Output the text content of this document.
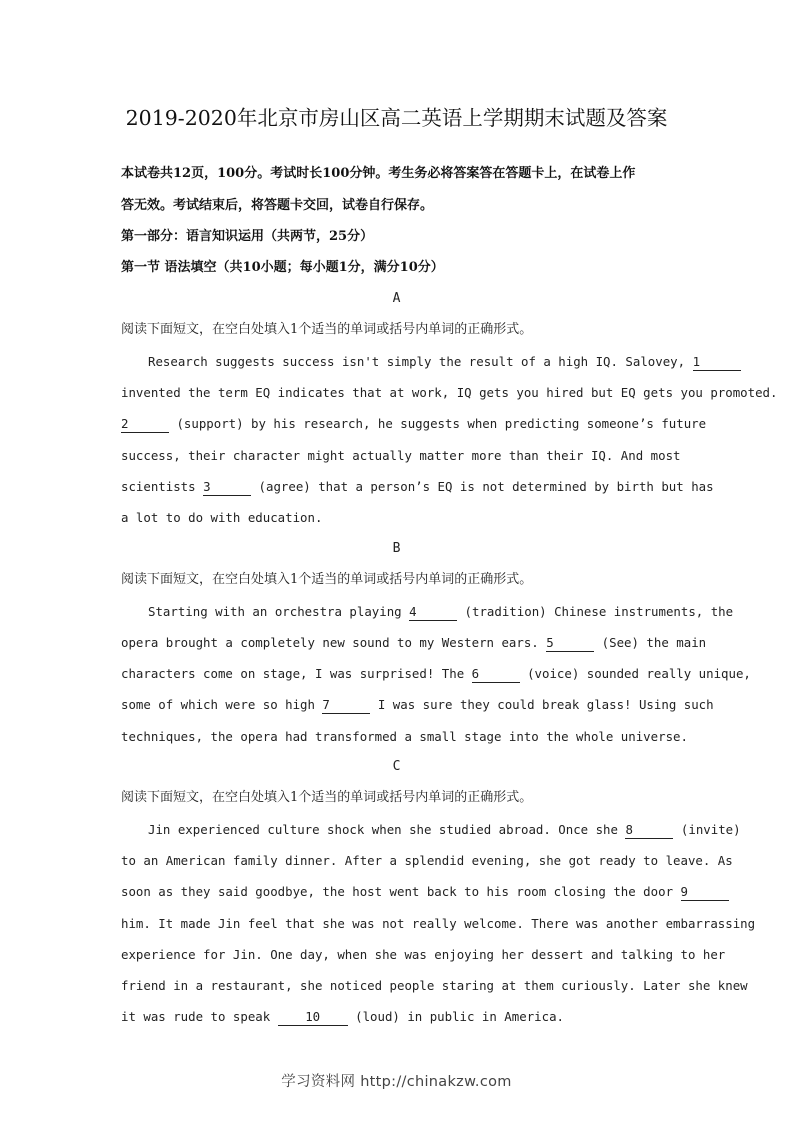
2019-2020年北京市房山区高二英语上学期期末试题及答案
本试卷共12页，100分。考试时长100分钟。考生务必将答案答在答题卡上，在试卷上作
答无效。考试结束后，将答题卡交回，试卷自行保存。
第一部分：语言知识运用（共两节，25分）
第一节 语法填空（共10小题；每小题1分，满分10分）
A
阅读下面短文，在空白处填入1个适当的单词或括号内单词的正确形式。
Research suggests success isn't simply the result of a high IQ. Salovey, 1
invented the term EQ indicates that at work, IQ gets you hired but EQ gets you promoted.
2	(support) by his research, he suggests when predicting someone’s future
success, their character might actually matter more than their IQ. And most
scientists 3	(agree) that a person’s EQ is not determined by birth but has
a lot to do with education.
B
阅读下面短文，在空白处填入1个适当的单词或括号内单词的正确形式。
Starting with an orchestra playing 4	(tradition) Chinese instruments, the
opera brought a completely new sound to my Western ears. 5	(See) the main
characters come on stage, I was surprised! The 6	(voice) sounded really unique,
some of which were so high 7	I was sure they could break glass! Using such
techniques, the opera had transformed a small stage into the whole universe.
C
阅读下面短文，在空白处填入1个适当的单词或括号内单词的正确形式。
Jin experienced culture shock when she studied abroad. Once she 8	(invite)
to an American family dinner. After a splendid evening, she got ready to leave. As
soon as they said goodbye, the host went back to his room closing the door 9
him. It made Jin feel that she was not really welcome. There was another embarrassing
experience for Jin. One day, when she was enjoying her dessert and talking to her
friend in a restaurant, she noticed people staring at them curiously. Later she knew
it was rude to speak 10 (loud) in public in America.
学习资料网 http://chinakzw.com
